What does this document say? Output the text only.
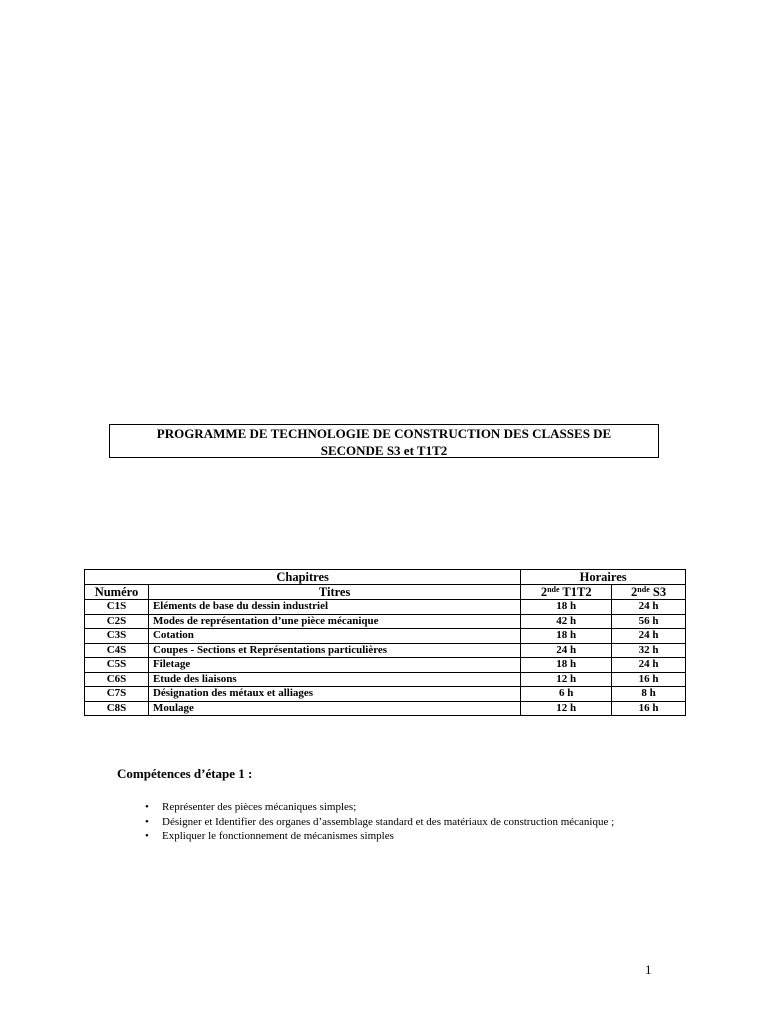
PROGRAMME DE TECHNOLOGIE DE CONSTRUCTION DES CLASSES DE
SECONDE S3 et T1T2
Chapitres		Horaires	
Numéro	Titres	2nde T1T2	2nde S3
C1S	Eléments de base du dessin industriel	18 h	24 h
C2S	Modes de représentation d’une pièce mécanique	42 h	56 h
C3S	Cotation	18 h	24 h
C4S	Coupes - Sections et Représentations particulières	24 h	32 h
C5S	Filetage	18 h	24 h
C6S	Etude des liaisons	12 h	16 h
C7S	Désignation des métaux et alliages	6 h	8 h
C8S	Moulage	12 h	16 h
Compétences d’étape 1 :
• Représenter des pièces mécaniques simples;
• Désigner et Identifier des organes d’assemblage standard et des matériaux de construction mécanique ;
• Expliquer le fonctionnement de mécanismes simples
1
